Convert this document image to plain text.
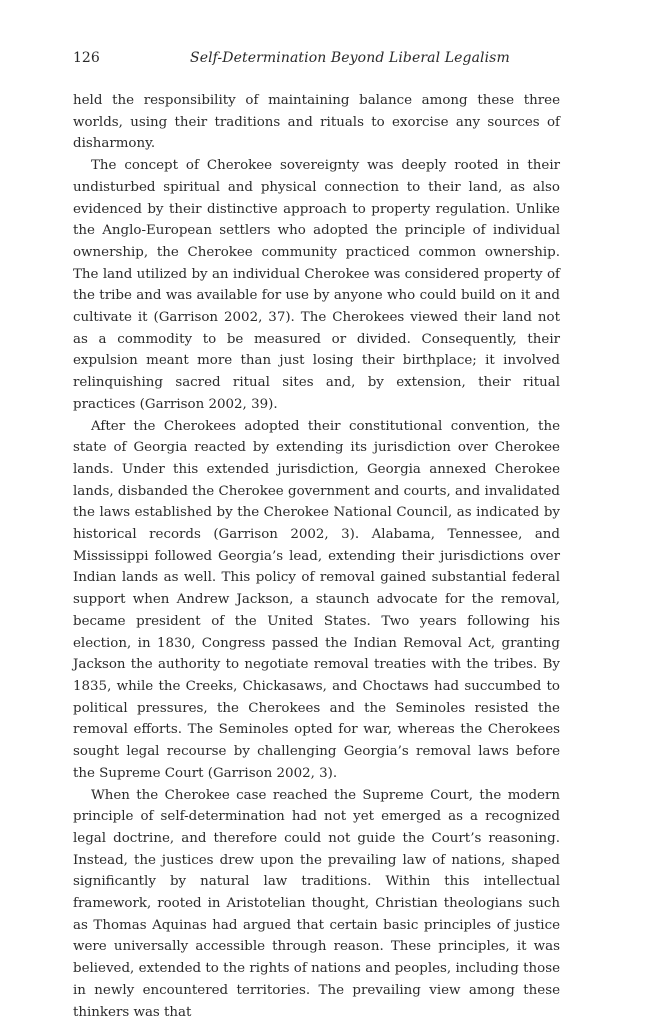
126	Self-Determination Beyond Liberal Legalism

held the responsibility of maintaining balance among these three worlds, using their traditions and rituals to exorcise any sources of disharmony.

The concept of Cherokee sovereignty was deeply rooted in their undisturbed spiritual and physical connection to their land, as also evidenced by their distinctive approach to property regulation. Unlike the Anglo-European settlers who adopted the principle of individual ownership, the Cherokee community practiced common ownership. The land utilized by an individual Cherokee was considered property of the tribe and was available for use by anyone who could build on it and cultivate it (Garrison 2002, 37). The Cherokees viewed their land not as a commodity to be measured or divided. Consequently, their expulsion meant more than just losing their birthplace; it involved relinquishing sacred ritual sites and, by extension, their ritual practices (Garrison 2002, 39).

After the Cherokees adopted their constitutional convention, the state of Georgia reacted by extending its jurisdiction over Cherokee lands. Under this extended jurisdiction, Georgia annexed Cherokee lands, disbanded the Cherokee government and courts, and invalidated the laws established by the Cherokee National Council, as indicated by historical records (Garrison 2002, 3). Alabama, Tennessee, and Mississippi followed Georgia’s lead, extending their jurisdictions over Indian lands as well. This policy of removal gained substantial federal support when Andrew Jackson, a staunch advocate for the removal, became president of the United States. Two years following his election, in 1830, Congress passed the Indian Removal Act, granting Jackson the authority to negotiate removal treaties with the tribes. By 1835, while the Creeks, Chickasaws, and Choctaws had succumbed to political pressures, the Cherokees and the Seminoles resisted the removal efforts. The Seminoles opted for war, whereas the Cherokees sought legal recourse by challenging Georgia’s removal laws before the Supreme Court (Garrison 2002, 3).

When the Cherokee case reached the Supreme Court, the modern principle of self-determination had not yet emerged as a recognized legal doctrine, and therefore could not guide the Court’s reasoning. Instead, the justices drew upon the prevailing law of nations, shaped significantly by natural law traditions. Within this intellectual framework, rooted in Aristotelian thought, Christian theologians such as Thomas Aquinas had argued that certain basic principles of justice were universally accessible through reason. These principles, it was believed, extended to the rights of nations and peoples, including those in newly encountered territories. The prevailing view among these thinkers was that
